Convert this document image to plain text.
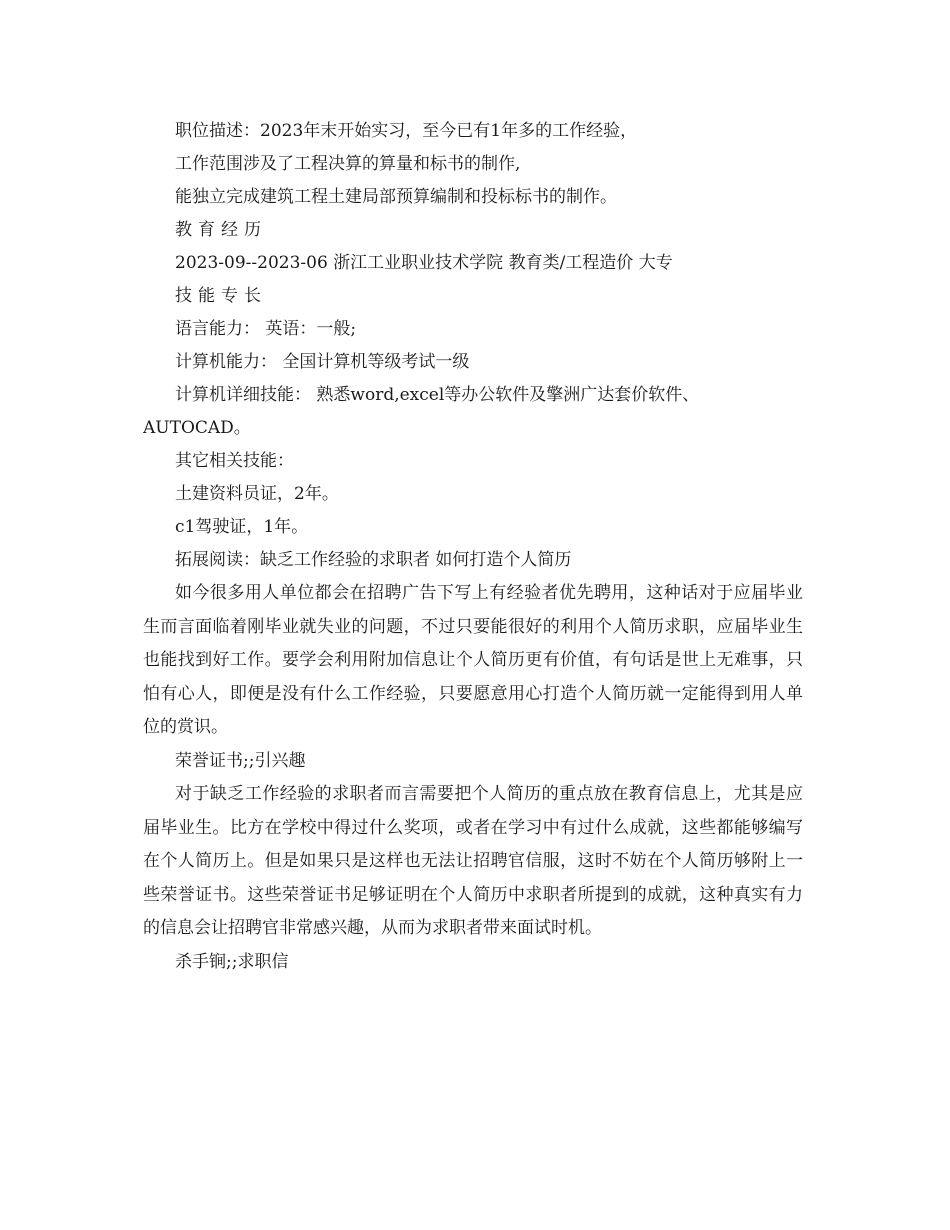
职位描述：2023年末开始实习，至今已有1年多的工作经验，
工作范围涉及了工程决算的算量和标书的制作,
能独立完成建筑工程土建局部预算编制和投标标书的制作。
教育经历
2023-09--2023-06 浙江工业职业技术学院 教育类/工程造价 大专
技能专长
语言能力： 英语：一般;
计算机能力： 全国计算机等级考试一级
计算机详细技能： 熟悉word,excel等办公软件及擎洲广达套价软件、
AUTOCAD。
其它相关技能：
土建资料员证，2年。
c1驾驶证，1年。
拓展阅读：缺乏工作经验的求职者 如何打造个人简历

如今很多用人单位都会在招聘广告下写上有经验者优先聘用，这种话对于应届毕业生而言面临着刚毕业就失业的问题，不过只要能很好的利用个人简历求职，应届毕业生也能找到好工作。要学会利用附加信息让个人简历更有价值，有句话是世上无难事，只怕有心人，即便是没有什么工作经验，只要愿意用心打造个人简历就一定能得到用人单位的赏识。

荣誉证书;;引兴趣

对于缺乏工作经验的求职者而言需要把个人简历的重点放在教育信息上，尤其是应届毕业生。比方在学校中得过什么奖项，或者在学习中有过什么成就，这些都能够编写在个人简历上。但是如果只是这样也无法让招聘官信服，这时不妨在个人简历够附上一些荣誉证书。这些荣誉证书足够证明在个人简历中求职者所提到的成就，这种真实有力的信息会让招聘官非常感兴趣，从而为求职者带来面试时机。

杀手锏;;求职信
